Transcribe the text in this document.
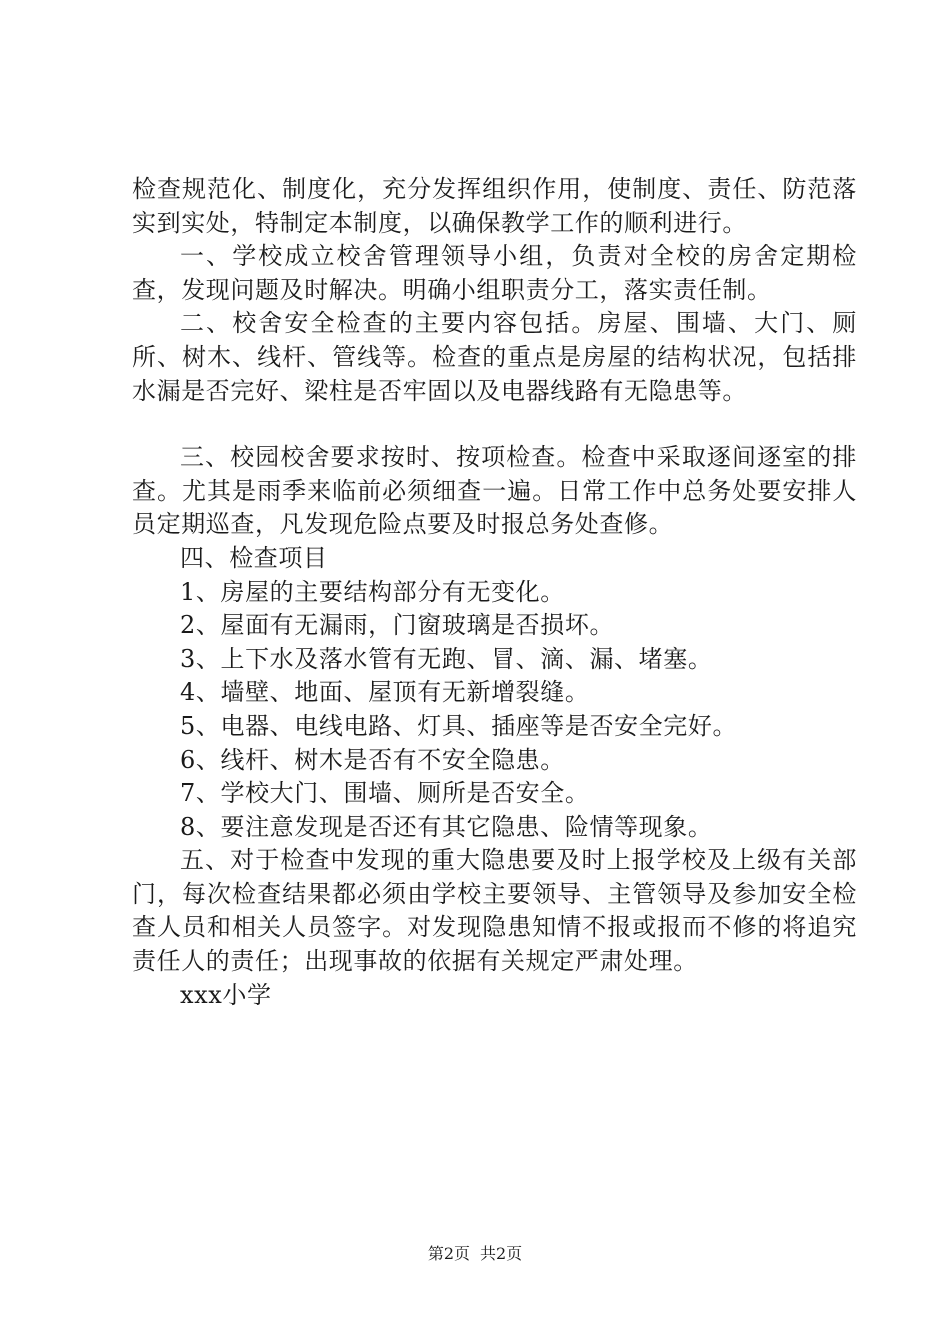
检查规范化、制度化，充分发挥组织作用，使制度、责任、防范落实到实处，特制定本制度，以确保教学工作的顺利进行。

一、学校成立校舍管理领导小组，负责对全校的房舍定期检查，发现问题及时解决。明确小组职责分工，落实责任制。

二、校舍安全检查的主要内容包括。房屋、围墙、大门、厕所、树木、线杆、管线等。检查的重点是房屋的结构状况，包括排水漏是否完好、梁柱是否牢固以及电器线路有无隐患等。

三、校园校舍要求按时、按项检查。检查中采取逐间逐室的排查。尤其是雨季来临前必须细查一遍。日常工作中总务处要安排人员定期巡查，凡发现危险点要及时报总务处查修。

四、检查项目

1、房屋的主要结构部分有无变化。

2、屋面有无漏雨，门窗玻璃是否损坏。

3、上下水及落水管有无跑、冒、滴、漏、堵塞。

4、墙壁、地面、屋顶有无新增裂缝。

5、电器、电线电路、灯具、插座等是否安全完好。

6、线杆、树木是否有不安全隐患。

7、学校大门、围墙、厕所是否安全。

8、要注意发现是否还有其它隐患、险情等现象。

五、对于检查中发现的重大隐患要及时上报学校及上级有关部门，每次检查结果都必须由学校主要领导、主管领导及参加安全检查人员和相关人员签字。对发现隐患知情不报或报而不修的将追究责任人的责任；出现事故的依据有关规定严肃处理。

xxx小学

第2页 共2页
